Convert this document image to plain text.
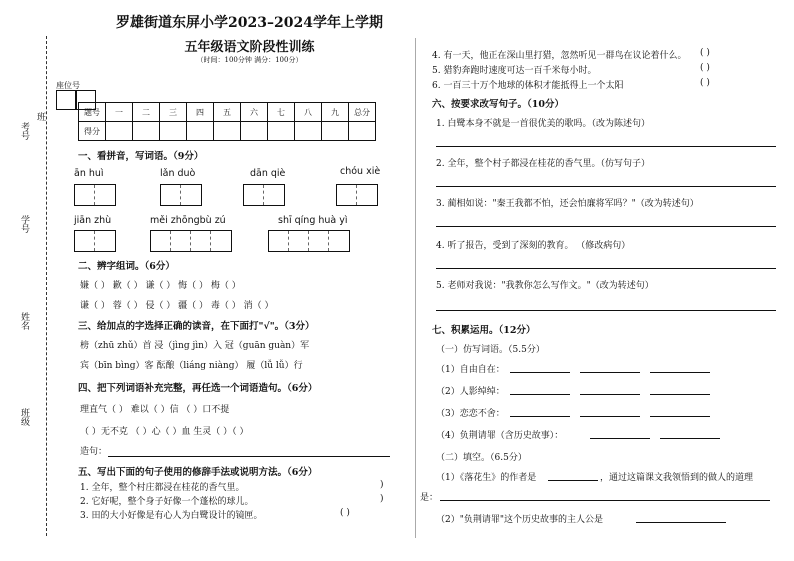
考号
班
学号
姓名
班级
座位号
罗雄街道东屏小学2023–2024学年上学期
五年级语文阶段性训练
（时间：100分钟 满分：100分）
题号	一	二	三	四	五	六	七	八	九	总分
得分										
一、看拼音，写词语。（9分）
ān huì	lǎn duò	dān qiè	chóu xiè
jiān zhù	měi zhōngbù zú	shī qíng huà yì
二、辨字组词。（6分）
嫌（ ） 歉（ ） 谦（ ） 悔（ ） 梅（ ）
谦（ ） 蓉（ ） 侵（ ） 疆（ ） 毒（ ） 消（ ）
三、给加点的字选择正确的读音，在下面打"√"。（3分）
榜（zhū zhǔ）首 浸（jìng jìn）入 冠（guān guàn）军
宾（bīn bìng）客 酝酿（liáng niàng） 履（lǚ lǚ）行
四、把下列词语补充完整，再任选一个词语造句。（6分）
理直气（ ） 难以（ ）信 （ ）口不提
（ ）无不克 （ ）心（ ）血 生灵（ ）（ ）
造句：
五、写出下面的句子使用的修辞手法或说明方法。（6分）
1. 全年，整个村庄都浸在桂花的香气里。	)
2. 它好呢，整个身子好像一个蓬松的球儿。	)
3. 田的大小好像是有心人为白鹭设计的镜匣。	( )
4. 有一天，他正在深山里打猎，忽然听见一群鸟在议论着什么。 ( )
5. 猎豹奔跑时速度可达一百千米每小时。	( )
6. 一百三十万个地球的体积才能抵得上一个太阳	( )
六、按要求改写句子。（10分）
1. 白鹭本身不就是一首很优美的歌吗。（改为陈述句）
2. 全年，整个村子都浸在桂花的香气里。（仿写句子）
3. 蔺相如说："秦王我都不怕，还会怕廉将军吗？"（改为转述句）
4. 听了报告，受到了深刻的教育。 （修改病句）
5. 老师对我说："我教你怎么写作文。"（改为转述句）
七、积累运用。（12分）
（一）仿写词语。（5.5分）
（1）自由自在：
（2）人影绰绰：
（3）恋恋不舍：
（4）负荆请罪（含历史故事）：
（二）填空。（6.5分）
（1）《落花生》的作者是	，通过这篇课文我领悟到的做人的道理
是：
（2）"负荆请罪"这个历史故事的主人公是
